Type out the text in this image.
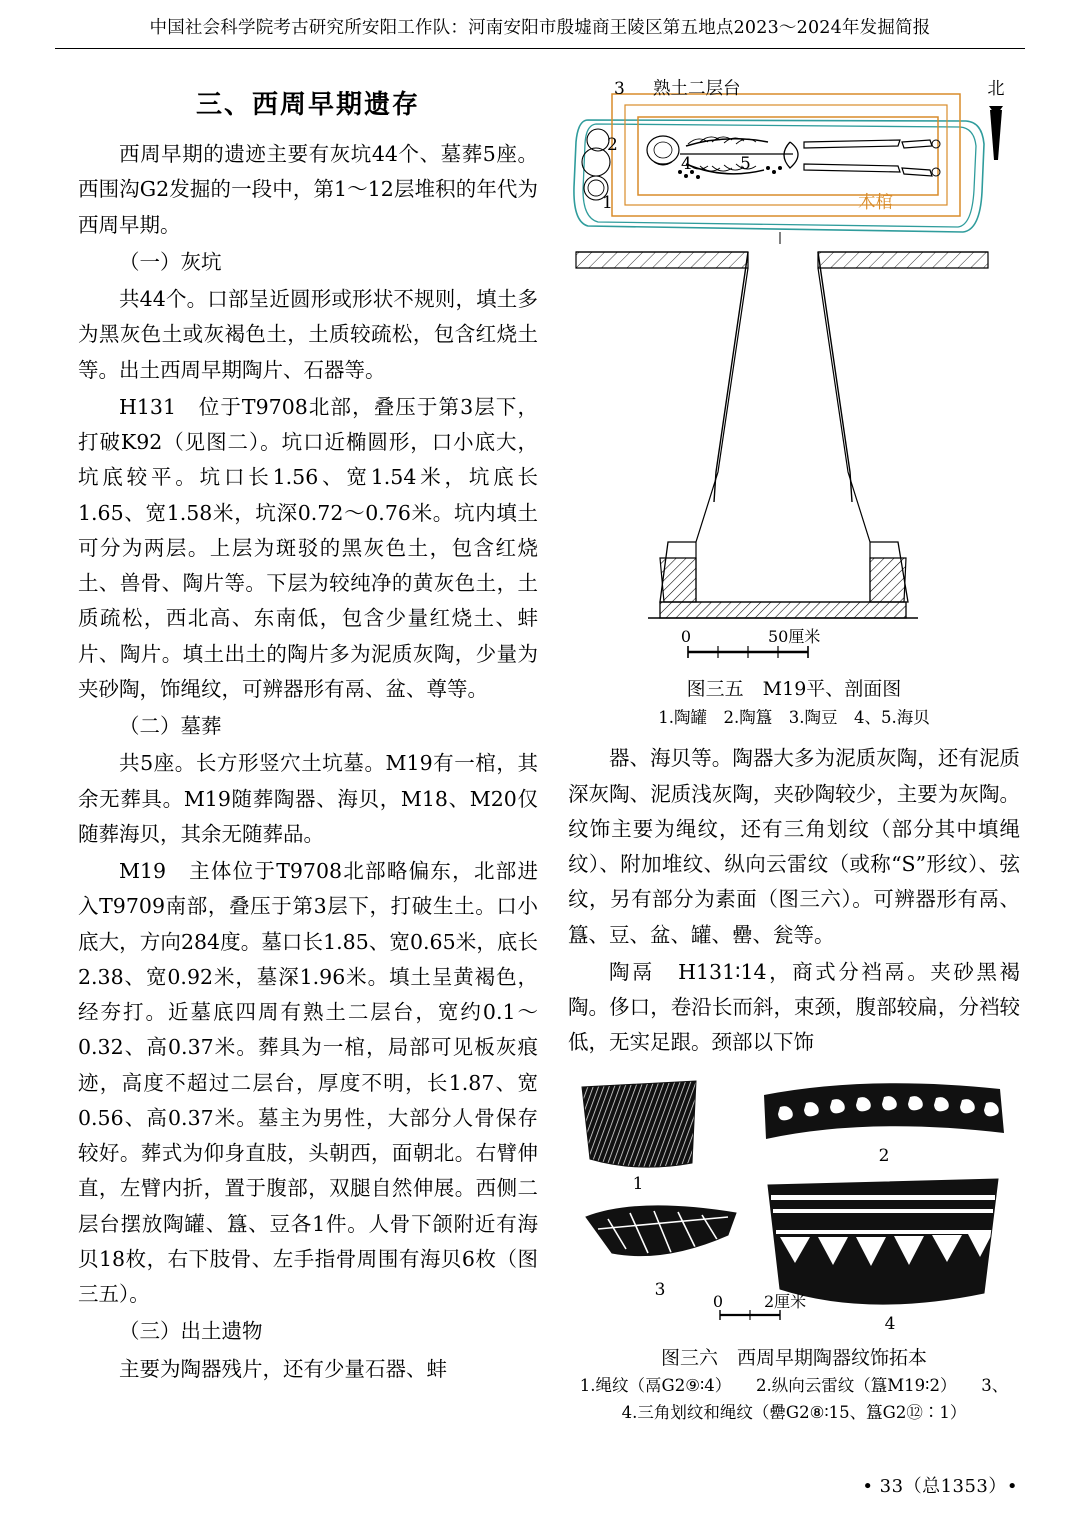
中国社会科学院考古研究所安阳工作队：河南安阳市殷墟商王陵区第五地点2023～2024年发掘简报
三、西周早期遗存

西周早期的遗迹主要有灰坑44个、墓葬5座。西围沟G2发掘的一段中，第1～12层堆积的年代为西周早期。

（一）灰坑

共44个。口部呈近圆形或形状不规则，填土多为黑灰色土或灰褐色土，土质较疏松，包含红烧土等。出土西周早期陶片、石器等。

H131　位于T9708北部，叠压于第3层下，打破K92（见图二）。坑口近椭圆形，口小底大，坑底较平。坑口长1.56、宽1.54米，坑底长1.65、宽1.58米，坑深0.72～0.76米。坑内填土可分为两层。上层为斑驳的黑灰色土，包含红烧土、兽骨、陶片等。下层为较纯净的黄灰色土，土质疏松，西北高、东南低，包含少量红烧土、蚌片、陶片。填土出土的陶片多为泥质灰陶，少量为夹砂陶，饰绳纹，可辨器形有鬲、盆、尊等。

（二）墓葬

共5座。长方形竖穴土坑墓。M19有一棺，其余无葬具。M19随葬陶器、海贝，M18、M20仅随葬海贝，其余无随葬品。

M19　主体位于T9708北部略偏东，北部进入T9709南部，叠压于第3层下，打破生土。口小底大，方向284度。墓口长1.85、宽0.65米，底长2.38、宽0.92米，墓深1.96米。填土呈黄褐色，经夯打。近墓底四周有熟土二层台，宽约0.1～0.32、高0.37米。葬具为一棺，局部可见板灰痕迹，高度不超过二层台，厚度不明，长1.87、宽0.56、高0.37米。墓主为男性，大部分人骨保存较好。葬式为仰身直肢，头朝西，面朝北。右臂伸直，左臂内折，置于腹部，双腿自然伸展。西侧二层台摆放陶罐、簋、豆各1件。人骨下颌附近有海贝18枚，右下肢骨、左手指骨周围有海贝6枚（图三五）。

（三）出土遗物

主要为陶器残片，还有少量石器、蚌

北
3
2
1
4	5
熟土二层台
木棺
0	50厘米
图三五　M19平、剖面图
1.陶罐　2.陶簋　3.陶豆　4、5.海贝

器、海贝等。陶器大多为泥质灰陶，还有泥质深灰陶、泥质浅灰陶，夹砂陶较少，主要为灰陶。纹饰主要为绳纹，还有三角划纹（部分其中填绳纹）、附加堆纹、纵向云雷纹（或称“S”形纹）、弦纹，另有部分为素面（图三六）。可辨器形有鬲、簋、豆、盆、罐、罍、瓮等。

陶鬲　H131∶14，商式分裆鬲。夹砂黑褐陶。侈口，卷沿长而斜，束颈，腹部较扁，分裆较低，无实足跟。颈部以下饰

1
2
3
4
0	2厘米
图三六　西周早期陶器纹饰拓本
1.绳纹（鬲G2⑨∶4）　　2.纵向云雷纹（簋M19∶2）　　3、
4.三角划纹和绳纹（罍G2⑧∶15、簋G2⑫∶1）
• 33（总1353）•
